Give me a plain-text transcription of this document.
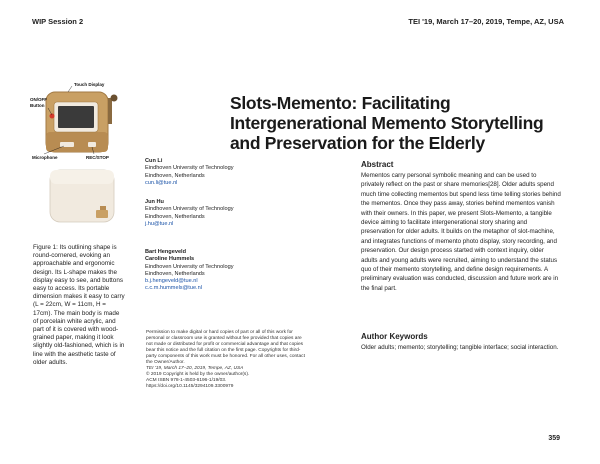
WIP Session 2	TEI '19, March 17–20, 2019, Tempe, AZ, USA
Touch Display
ON/OFF
Button
Microphone	REC/STOP
Figure 1: Its outlining shape is round-cornered, evoking an approachable and ergonomic design. Its L-shape makes the display easy to see, and buttons easy to access. Its portable dimension makes it easy to carry (L = 22cm, W = 11cm, H = 17cm). The main body is made of porcelain white acrylic, and part of it is covered with wood-grained paper, making it look slightly old-fashioned, which is in line with the aesthetic taste of older adults.
Slots-Memento: Facilitating Intergenerational Memento Storytelling and Preservation for the Elderly
Cun Li
Eindhoven University of Technology
Eindhoven, Netherlands
cun.li@tue.nl
Jun Hu
Eindhoven University of Technology
Eindhoven, Netherlands
j.hu@tue.nl
Bart Hengeveld
Caroline Hummels
Eindhoven University of Technology
Eindhoven, Netherlands
b.j.hengeveld@tue.nl
c.c.m.hummels@tue.nl
Permission to make digital or hard copies of part or all of this work for
personal or classroom use is granted without fee provided that copies are
not made or distributed for profit or commercial advantage and that copies
bear this notice and the full citation on the first page. Copyrights for third-
party components of this work must be honored. For all other uses, contact
the Owner/Author.
TEI '19, March 17–20, 2019, Tempe, AZ, USA
© 2019 Copyright is held by the owner/author(s).
ACM ISBN 978-1-4503-6196-1/19/03.
https://doi.org/10.1145/3294109.3300979
Abstract
Mementos carry personal symbolic meaning and can be used to privately reflect on the past or share memories[28]. Older adults spend much time collecting mementos but spend less time telling stories behind the mementos. Once they pass away, stories behind mementos vanish with their owners. In this paper, we present Slots-Memento, a tangible device aiming to facilitate intergenerational story sharing and preservation for older adults. It builds on the metaphor of slot-machine, and integrates functions of memento photo display, story recording, and preservation. Our design process started with context inquiry, older adults and young adults were recruited, aiming to understand the status quo of their memento storytelling, and define design requirements. A preliminary evaluation was conducted, discussion and future work are in the final part.
Author Keywords
Older adults; memento; storytelling; tangible interface; social interaction.
359
